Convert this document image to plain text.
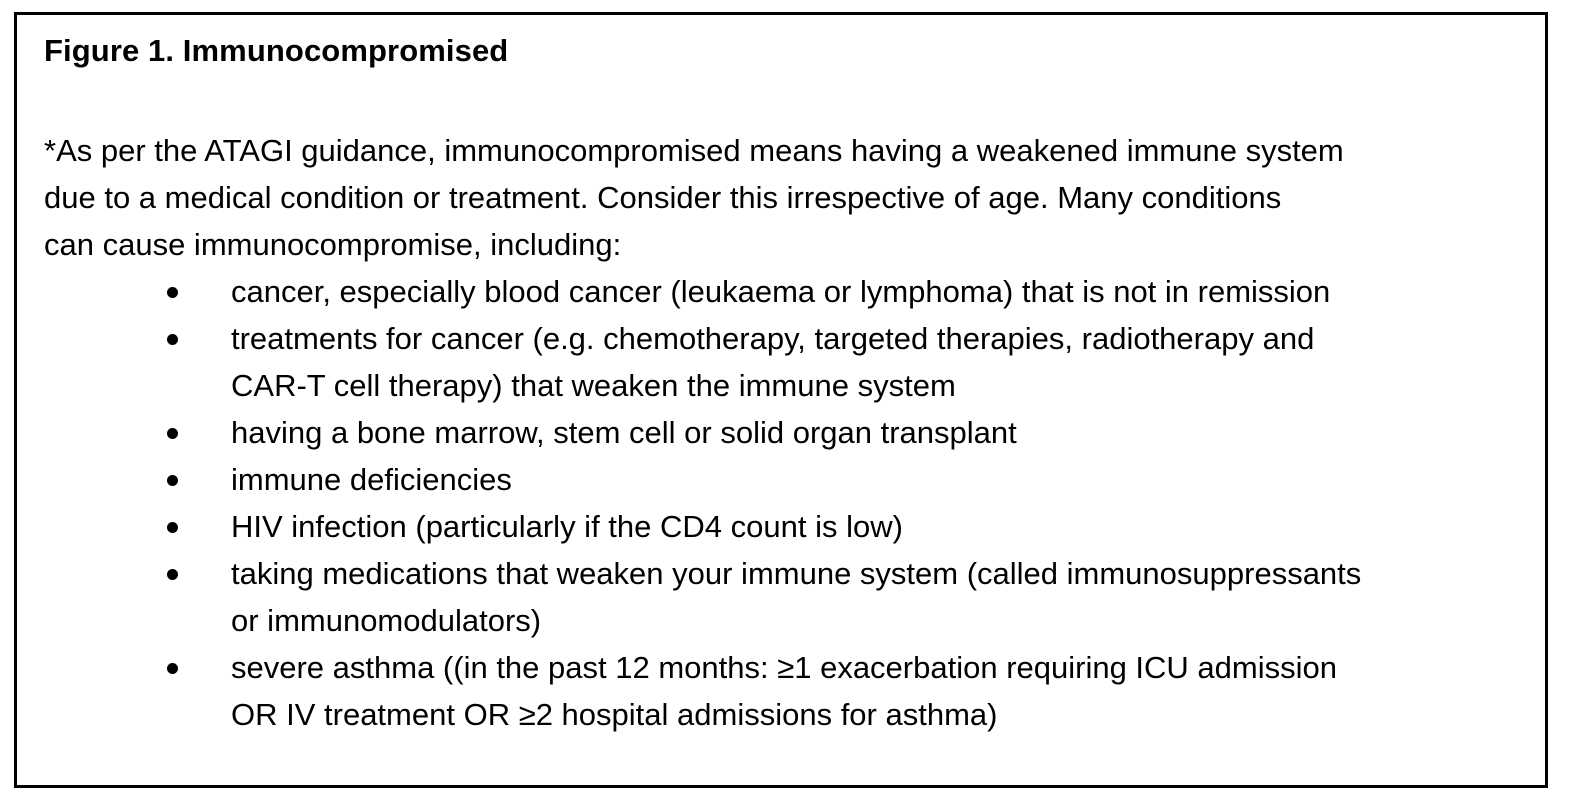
Figure 1. Immunocompromised

*As per the ATAGI guidance, immunocompromised means having a weakened immune system
due to a medical condition or treatment. Consider this irrespective of age. Many conditions
can cause immunocompromise, including:

cancer, especially blood cancer (leukaema or lymphoma) that is not in remission
treatments for cancer (e.g. chemotherapy, targeted therapies, radiotherapy and
CAR-T cell therapy) that weaken the immune system
having a bone marrow, stem cell or solid organ transplant
immune deficiencies
HIV infection (particularly if the CD4 count is low)
taking medications that weaken your immune system (called immunosuppressants
or immunomodulators)
severe asthma ((in the past 12 months: ≥1 exacerbation requiring ICU admission
OR IV treatment OR ≥2 hospital admissions for asthma)
